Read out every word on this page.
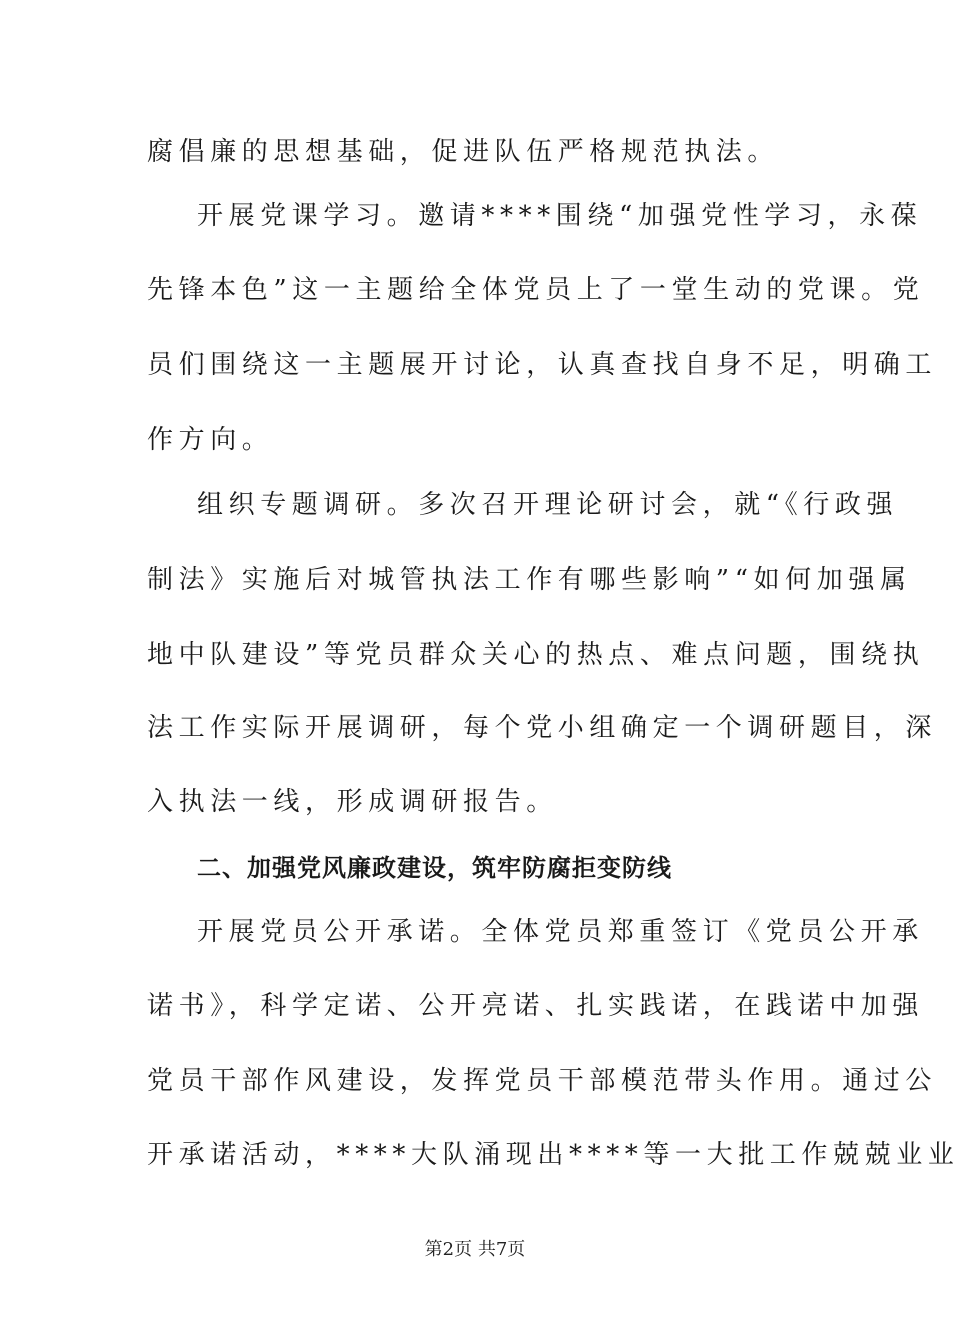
腐倡廉的思想基础，促进队伍严格规范执法。
开展党课学习。邀请****围绕“加强党性学习，永葆
先锋本色”这一主题给全体党员上了一堂生动的党课。党
员们围绕这一主题展开讨论，认真查找自身不足，明确工
作方向。
组织专题调研。多次召开理论研讨会，就“《行政强
制法》实施后对城管执法工作有哪些影响”“如何加强属
地中队建设”等党员群众关心的热点、难点问题，围绕执
法工作实际开展调研，每个党小组确定一个调研题目，深
入执法一线，形成调研报告。
二、加强党风廉政建设，筑牢防腐拒变防线
开展党员公开承诺。全体党员郑重签订《党员公开承
诺书》，科学定诺、公开亮诺、扎实践诺，在践诺中加强
党员干部作风建设，发挥党员干部模范带头作用。通过公
开承诺活动，****大队涌现出****等一大批工作兢兢业业
第2页 共7页
